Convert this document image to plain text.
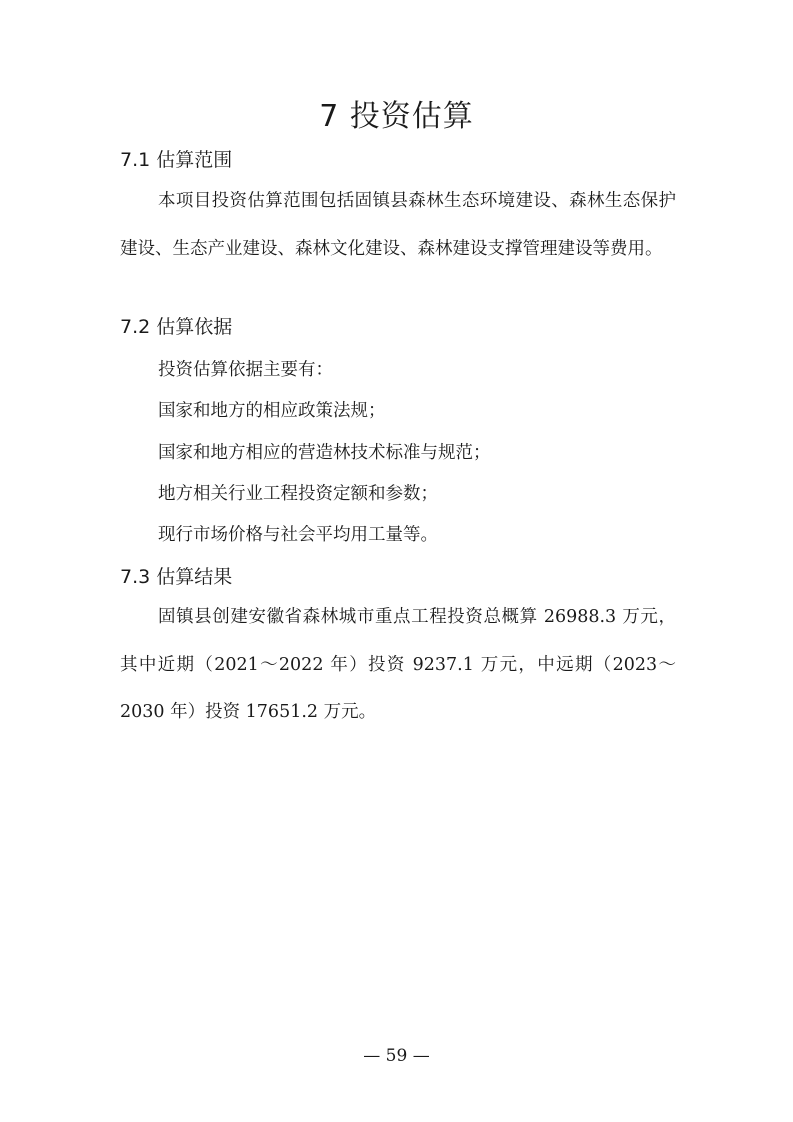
7 投资估算
7.1 估算范围

本项目投资估算范围包括固镇县森林生态环境建设、森林生态保护建设、生态产业建设、森林文化建设、森林建设支撑管理建设等费用。

7.2 估算依据

投资估算依据主要有：

国家和地方的相应政策法规；

国家和地方相应的营造林技术标准与规范；

地方相关行业工程投资定额和参数；

现行市场价格与社会平均用工量等。

7.3 估算结果

固镇县创建安徽省森林城市重点工程投资总概算 26988.3 万元，其中近期（2021～2022 年）投资 9237.1 万元，中远期（2023～2030 年）投资 17651.2 万元。

— 59 —
